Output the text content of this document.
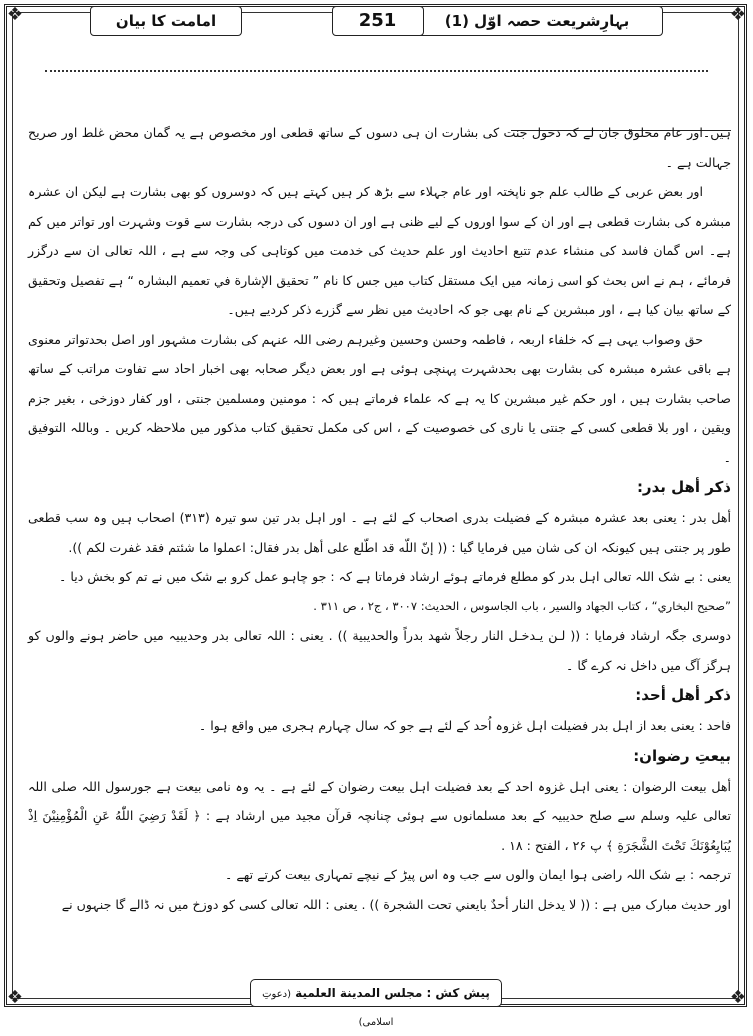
❖	❖
❖	❖
بہارِشریعت حصہ اوّل (1)
251
امامت کا بیان

ہیں۔اور عام مخلوق جان لے کہ دخول جنت کی بشارت ان ہی دسوں کے ساتھ قطعی اور مخصوص ہے یہ گمان محض غلط اور صریح جہالت ہے ۔

اور بعض عربی کے طالب علم جو ناپختہ اور عام جہلاء سے بڑھ کر ہیں کہتے ہیں کہ دوسروں کو بھی بشارت ہے لیکن ان عشرہ مبشرہ کی بشارت قطعی ہے اور ان کے سوا اوروں کے لیے ظنی ہے اور ان دسوں کی درجہ بشارت سے قوت وشہرت اور تواتر میں کم ہے۔ اس گمان فاسد کی منشاء عدم تتبع احادیث اور علم حدیث کی خدمت میں کوتاہی کی وجہ سے ہے ، اللہ تعالی ان سے درگزر فرمائے ، ہم نے اس بحث کو اسی زمانہ میں ایک مستقل کتاب میں جس کا نام ” تحقيق الإشارة في تعميم البشاره “ ہے تفصیل وتحقیق کے ساتھ بیان کیا ہے ، اور مبشرین کے نام بھی جو کہ احادیث میں نظر سے گزرے ذکر کردیے ہیں۔

حق وصواب یہی ہے کہ خلفاء اربعہ ، فاطمہ وحسن وحسین وغیرہم رضی اللہ عنہم کی بشارت مشہور اور اصل بحدتواتر معنوی ہے باقی عشرہ مبشرہ کی بشارت بھی بحدشہرت پہنچی ہوئی ہے اور بعض دیگر صحابہ بھی اخبار احاد سے تفاوت مراتب کے ساتھ صاحب بشارت ہیں ، اور حکم غیر مبشرین کا یہ ہے کہ علماء فرماتے ہیں کہ : مومنین ومسلمین جنتی ، اور کفار دوزخی ، بغیر جزم ویقین ، اور بلا قطعی کسی کے جنتی یا ناری کی خصوصیت کے ، اس کی مکمل تحقیق کتاب مذکور میں ملاحظہ کریں ۔ وباللہ التوفیق ۔

ذکر أهل بدر:

أهل بدر : یعنی بعد عشرہ مبشرہ کے فضیلت بدری اصحاب کے لئے ہے ۔ اور اہل بدر تین سو تیرہ (۳۱۳) اصحاب ہیں وہ سب قطعی طور پر جنتی ہیں کیونکہ ان کی شان میں فرمایا گیا : (( إنّ اللّه قد اطّلع على أهل بدر فقال: اعملوا ما شئتم فقد غفرت لكم )).

یعنی : بے شک اللہ تعالی اہل بدر کو مطلع فرماتے ہوئے ارشاد فرماتا ہے کہ : جو چاہو عمل کرو بے شک میں نے تم کو بخش دیا ۔

”صحيح البخاري“ ، كتاب الجهاد والسير ، باب الجاسوس ، الحديث: ۳۰۰۷ ، ج۲ ، ص ۳۱۱ .

دوسری جگہ ارشاد فرمایا : (( لـن يـدخـل النار رجلاً شهد بدراً والحديبية )) . یعنی : اللہ تعالی بدر وحدیبیہ میں حاضر ہونے والوں کو ہرگز آگ میں داخل نہ کرے گا ۔

ذکر أهل أحد:

فاحد : یعنی بعد از اہل بدر فضیلت اہل غزوہ اُحد کے لئے ہے جو کہ سال چہارم ہجری میں واقع ہوا ۔

بیعتِ رضوان:

أهل بيعت الرضوان : یعنی اہل غزوہ احد کے بعد فضیلت اہل بیعت رضوان کے لئے ہے ۔ یہ وہ نامی بیعت ہے جورسول اللہ صلی اللہ تعالی علیہ وسلم سے صلح حدیبیہ کے بعد مسلمانوں سے ہوئی چنانچہ قرآن مجید میں ارشاد ہے : ﴿ لَقَدْ رَضِيَ اللّٰهُ عَنِ الْمُؤْمِنِيْنَ اِذْ يُبَايِعُوْنَكَ تَحْتَ الشَّجَرَةِ ﴾ پ ۲۶ ، الفتح : ۱۸ .

ترجمہ : بے شک اللہ راضی ہوا ایمان والوں سے جب وہ اس پیڑ کے نیچے تمہاری بیعت کرتے تھے ۔

اور حدیث مبارک میں ہے : (( لا يدخل النار أحدٌ بايعني تحت الشجرة )) . یعنی : اللہ تعالی کسی کو دوزخ میں نہ ڈالے گا جنہوں نے

پیش کش : مجلس المدينة العلمية (دعوتِ اسلامی)
